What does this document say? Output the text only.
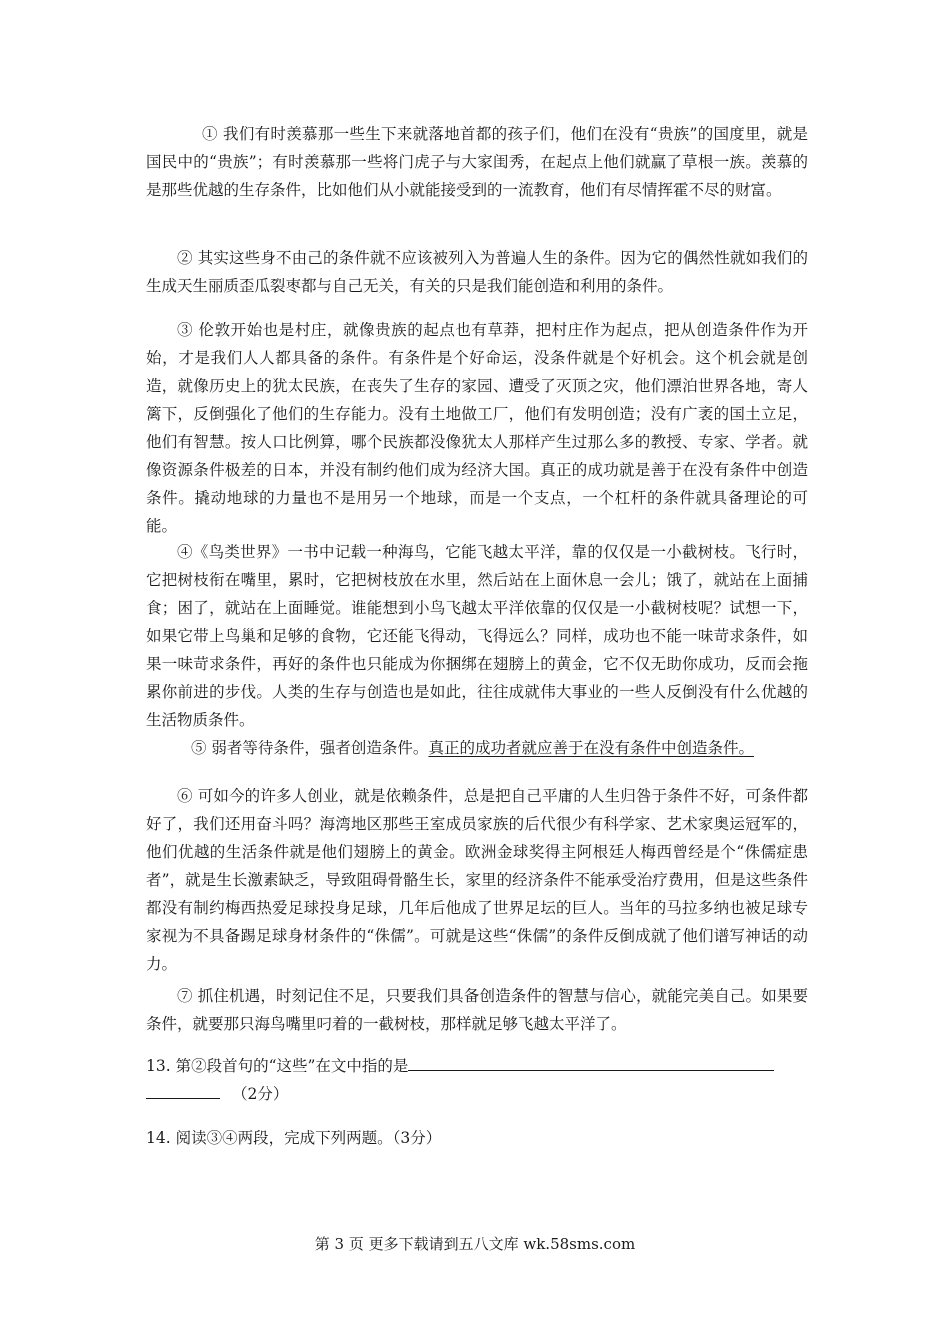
① 我们有时羡慕那一些生下来就落地首都的孩子们，他们在没有“贵族”的国度里，就是国民中的“贵族”；有时羡慕那一些将门虎子与大家闺秀，在起点上他们就赢了草根一族。羡慕的是那些优越的生存条件，比如他们从小就能接受到的一流教育，他们有尽情挥霍不尽的财富。

② 其实这些身不由己的条件就不应该被列入为普遍人生的条件。因为它的偶然性就如我们的生成天生丽质歪瓜裂枣都与自己无关，有关的只是我们能创造和利用的条件。

③ 伦敦开始也是村庄，就像贵族的起点也有草莽，把村庄作为起点，把从创造条件作为开始，才是我们人人都具备的条件。有条件是个好命运，没条件就是个好机会。这个机会就是创造，就像历史上的犹太民族，在丧失了生存的家园、遭受了灭顶之灾，他们漂泊世界各地，寄人篱下，反倒强化了他们的生存能力。没有土地做工厂，他们有发明创造；没有广袤的国土立足，他们有智慧。按人口比例算，哪个民族都没像犹太人那样产生过那么多的教授、专家、学者。就像资源条件极差的日本，并没有制约他们成为经济大国。真正的成功就是善于在没有条件中创造条件。撬动地球的力量也不是用另一个地球，而是一个支点，一个杠杆的条件就具备理论的可能。

④《鸟类世界》一书中记载一种海鸟，它能飞越太平洋，靠的仅仅是一小截树枝。飞行时，它把树枝衔在嘴里，累时，它把树枝放在水里，然后站在上面休息一会儿；饿了，就站在上面捕食；困了，就站在上面睡觉。谁能想到小鸟飞越太平洋依靠的仅仅是一小截树枝呢？试想一下，如果它带上鸟巢和足够的食物，它还能飞得动，飞得远么？同样，成功也不能一味苛求条件，如果一味苛求条件，再好的条件也只能成为你捆绑在翅膀上的黄金，它不仅无助你成功，反而会拖累你前进的步伐。人类的生存与创造也是如此，往往成就伟大事业的一些人反倒没有什么优越的生活物质条件。

⑤ 弱者等待条件，强者创造条件。真正的成功者就应善于在没有条件中创造条件。

⑥ 可如今的许多人创业，就是依赖条件，总是把自己平庸的人生归咎于条件不好，可条件都好了，我们还用奋斗吗？海湾地区那些王室成员家族的后代很少有科学家、艺术家奥运冠军的，他们优越的生活条件就是他们翅膀上的黄金。欧洲金球奖得主阿根廷人梅西曾经是个“侏儒症患者”，就是生长激素缺乏，导致阻碍骨骼生长，家里的经济条件不能承受治疗费用，但是这些条件都没有制约梅西热爱足球投身足球，几年后他成了世界足坛的巨人。当年的马拉多纳也被足球专家视为不具备踢足球身材条件的“侏儒”。可就是这些“侏儒”的条件反倒成就了他们谱写神话的动力。

⑦ 抓住机遇，时刻记住不足，只要我们具备创造条件的智慧与信心，就能完美自己。如果要条件，就要那只海鸟嘴里叼着的一截树枝，那样就足够飞越太平洋了。

13. 第②段首句的“这些”在文中指的是
（2分）

14. 阅读③④两段，完成下列两题。（3分）

第 3 页 更多下载请到五八文库 wk.58sms.com
